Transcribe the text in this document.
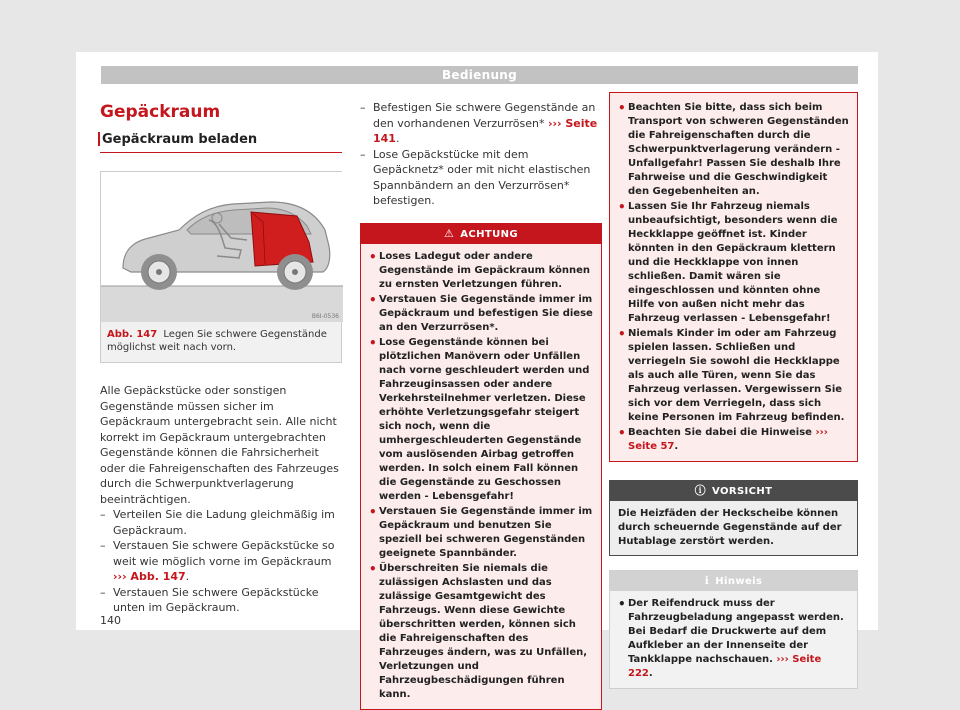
Bedienung
Gepäckraum
Gepäckraum beladen
B6I-0536
Abb. 147 Legen Sie schwere Gegenstände möglichst weit nach vorn.

Alle Gepäckstücke oder sonstigen Gegenstände müssen sicher im Gepäckraum untergebracht sein. Alle nicht korrekt im Gepäckraum untergebrachten Gegenstände können die Fahrsicherheit oder die Fahreigenschaften des Fahrzeuges durch die Schwerpunktverlagerung beeinträchtigen.

– Verteilen Sie die Ladung gleichmäßig im Gepäckraum.
– Verstauen Sie schwere Gepäckstücke so weit wie möglich vorne im Gepäckraum ››› Abb. 147.
– Verstauen Sie schwere Gepäckstücke unten im Gepäckraum.
– Befestigen Sie schwere Gegenstände an den vorhandenen Verzurrösen* ››› Seite 141.
– Lose Gepäckstücke mit dem Gepäcknetz* oder mit nicht elastischen Spannbändern an den Verzurrösen* befestigen.
⚠ ACHTUNG
• Loses Ladegut oder andere Gegenstände im Gepäckraum können zu ernsten Verletzungen führen.
• Verstauen Sie Gegenstände immer im Gepäckraum und befestigen Sie diese an den Verzurrösen*.
• Lose Gegenstände können bei plötzlichen Manövern oder Unfällen nach vorne geschleudert werden und Fahrzeuginsassen oder andere Verkehrsteilnehmer verletzen. Diese erhöhte Verletzungsgefahr steigert sich noch, wenn die umhergeschleuderten Gegenstände vom auslösenden Airbag getroffen werden. In solch einem Fall können die Gegenstände zu Geschossen werden - Lebensgefahr!
• Verstauen Sie Gegenstände immer im Gepäckraum und benutzen Sie speziell bei schweren Gegenständen geeignete Spannbänder.
• Überschreiten Sie niemals die zulässigen Achslasten und das zulässige Gesamtgewicht des Fahrzeugs. Wenn diese Gewichte überschritten werden, können sich die Fahreigenschaften des Fahrzeuges ändern, was zu Unfällen, Verletzungen und Fahrzeugbeschädigungen führen kann.
• Beachten Sie bitte, dass sich beim Transport von schweren Gegenständen die Fahreigenschaften durch die Schwerpunktverlagerung verändern - Unfallgefahr! Passen Sie deshalb Ihre Fahrweise und die Geschwindigkeit den Gegebenheiten an.
• Lassen Sie Ihr Fahrzeug niemals unbeaufsichtigt, besonders wenn die Heckklappe geöffnet ist. Kinder könnten in den Gepäckraum klettern und die Heckklappe von innen schließen. Damit wären sie eingeschlossen und könnten ohne Hilfe von außen nicht mehr das Fahrzeug verlassen - Lebensgefahr!
• Niemals Kinder im oder am Fahrzeug spielen lassen. Schließen und verriegeln Sie sowohl die Heckklappe als auch alle Türen, wenn Sie das Fahrzeug verlassen. Vergewissern Sie sich vor dem Verriegeln, dass sich keine Personen im Fahrzeug befinden.
• Beachten Sie dabei die Hinweise ››› Seite 57.
ⓘ VORSICHT
Die Heizfäden der Heckscheibe können durch scheuernde Gegenstände auf der Hutablage zerstört werden.
ℹ Hinweis
• Der Reifendruck muss der Fahrzeugbeladung angepasst werden. Bei Bedarf die Druckwerte auf dem Aufkleber an der Innenseite der Tankklappe nachschauen. ››› Seite 222.
140
